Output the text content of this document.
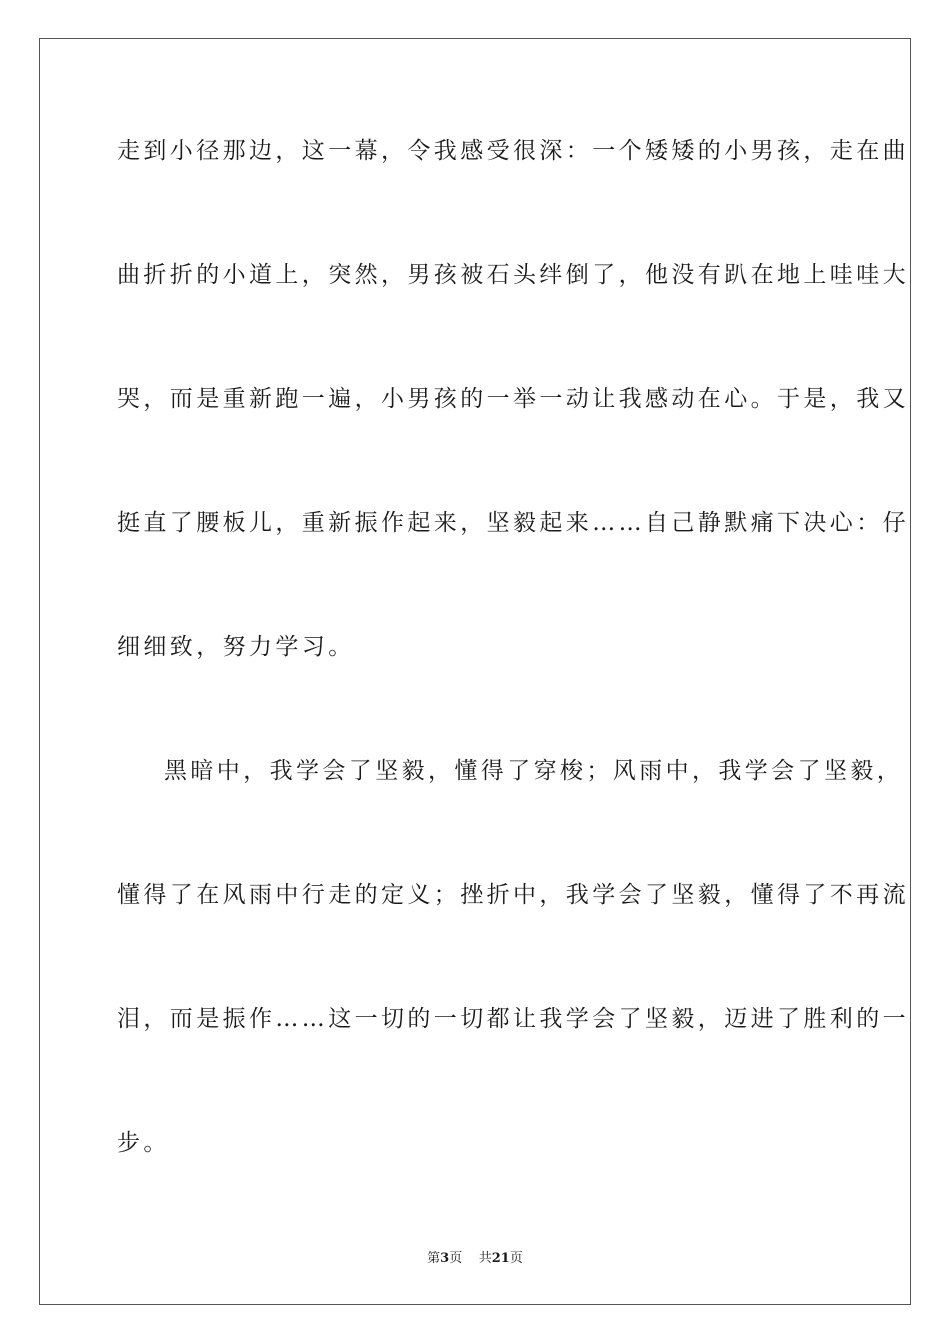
走到小径那边，这一幕，令我感受很深：一个矮矮的小男孩，走在曲
曲折折的小道上，突然，男孩被石头绊倒了，他没有趴在地上哇哇大
哭，而是重新跑一遍，小男孩的一举一动让我感动在心。于是，我又
挺直了腰板儿，重新振作起来，坚毅起来……自己静默痛下决心：仔
细细致，努力学习。
黑暗中，我学会了坚毅，懂得了穿梭；风雨中，我学会了坚毅，
懂得了在风雨中行走的定义；挫折中，我学会了坚毅，懂得了不再流
泪，而是振作……这一切的一切都让我学会了坚毅，迈进了胜利的一
步。
第3页 共21页
